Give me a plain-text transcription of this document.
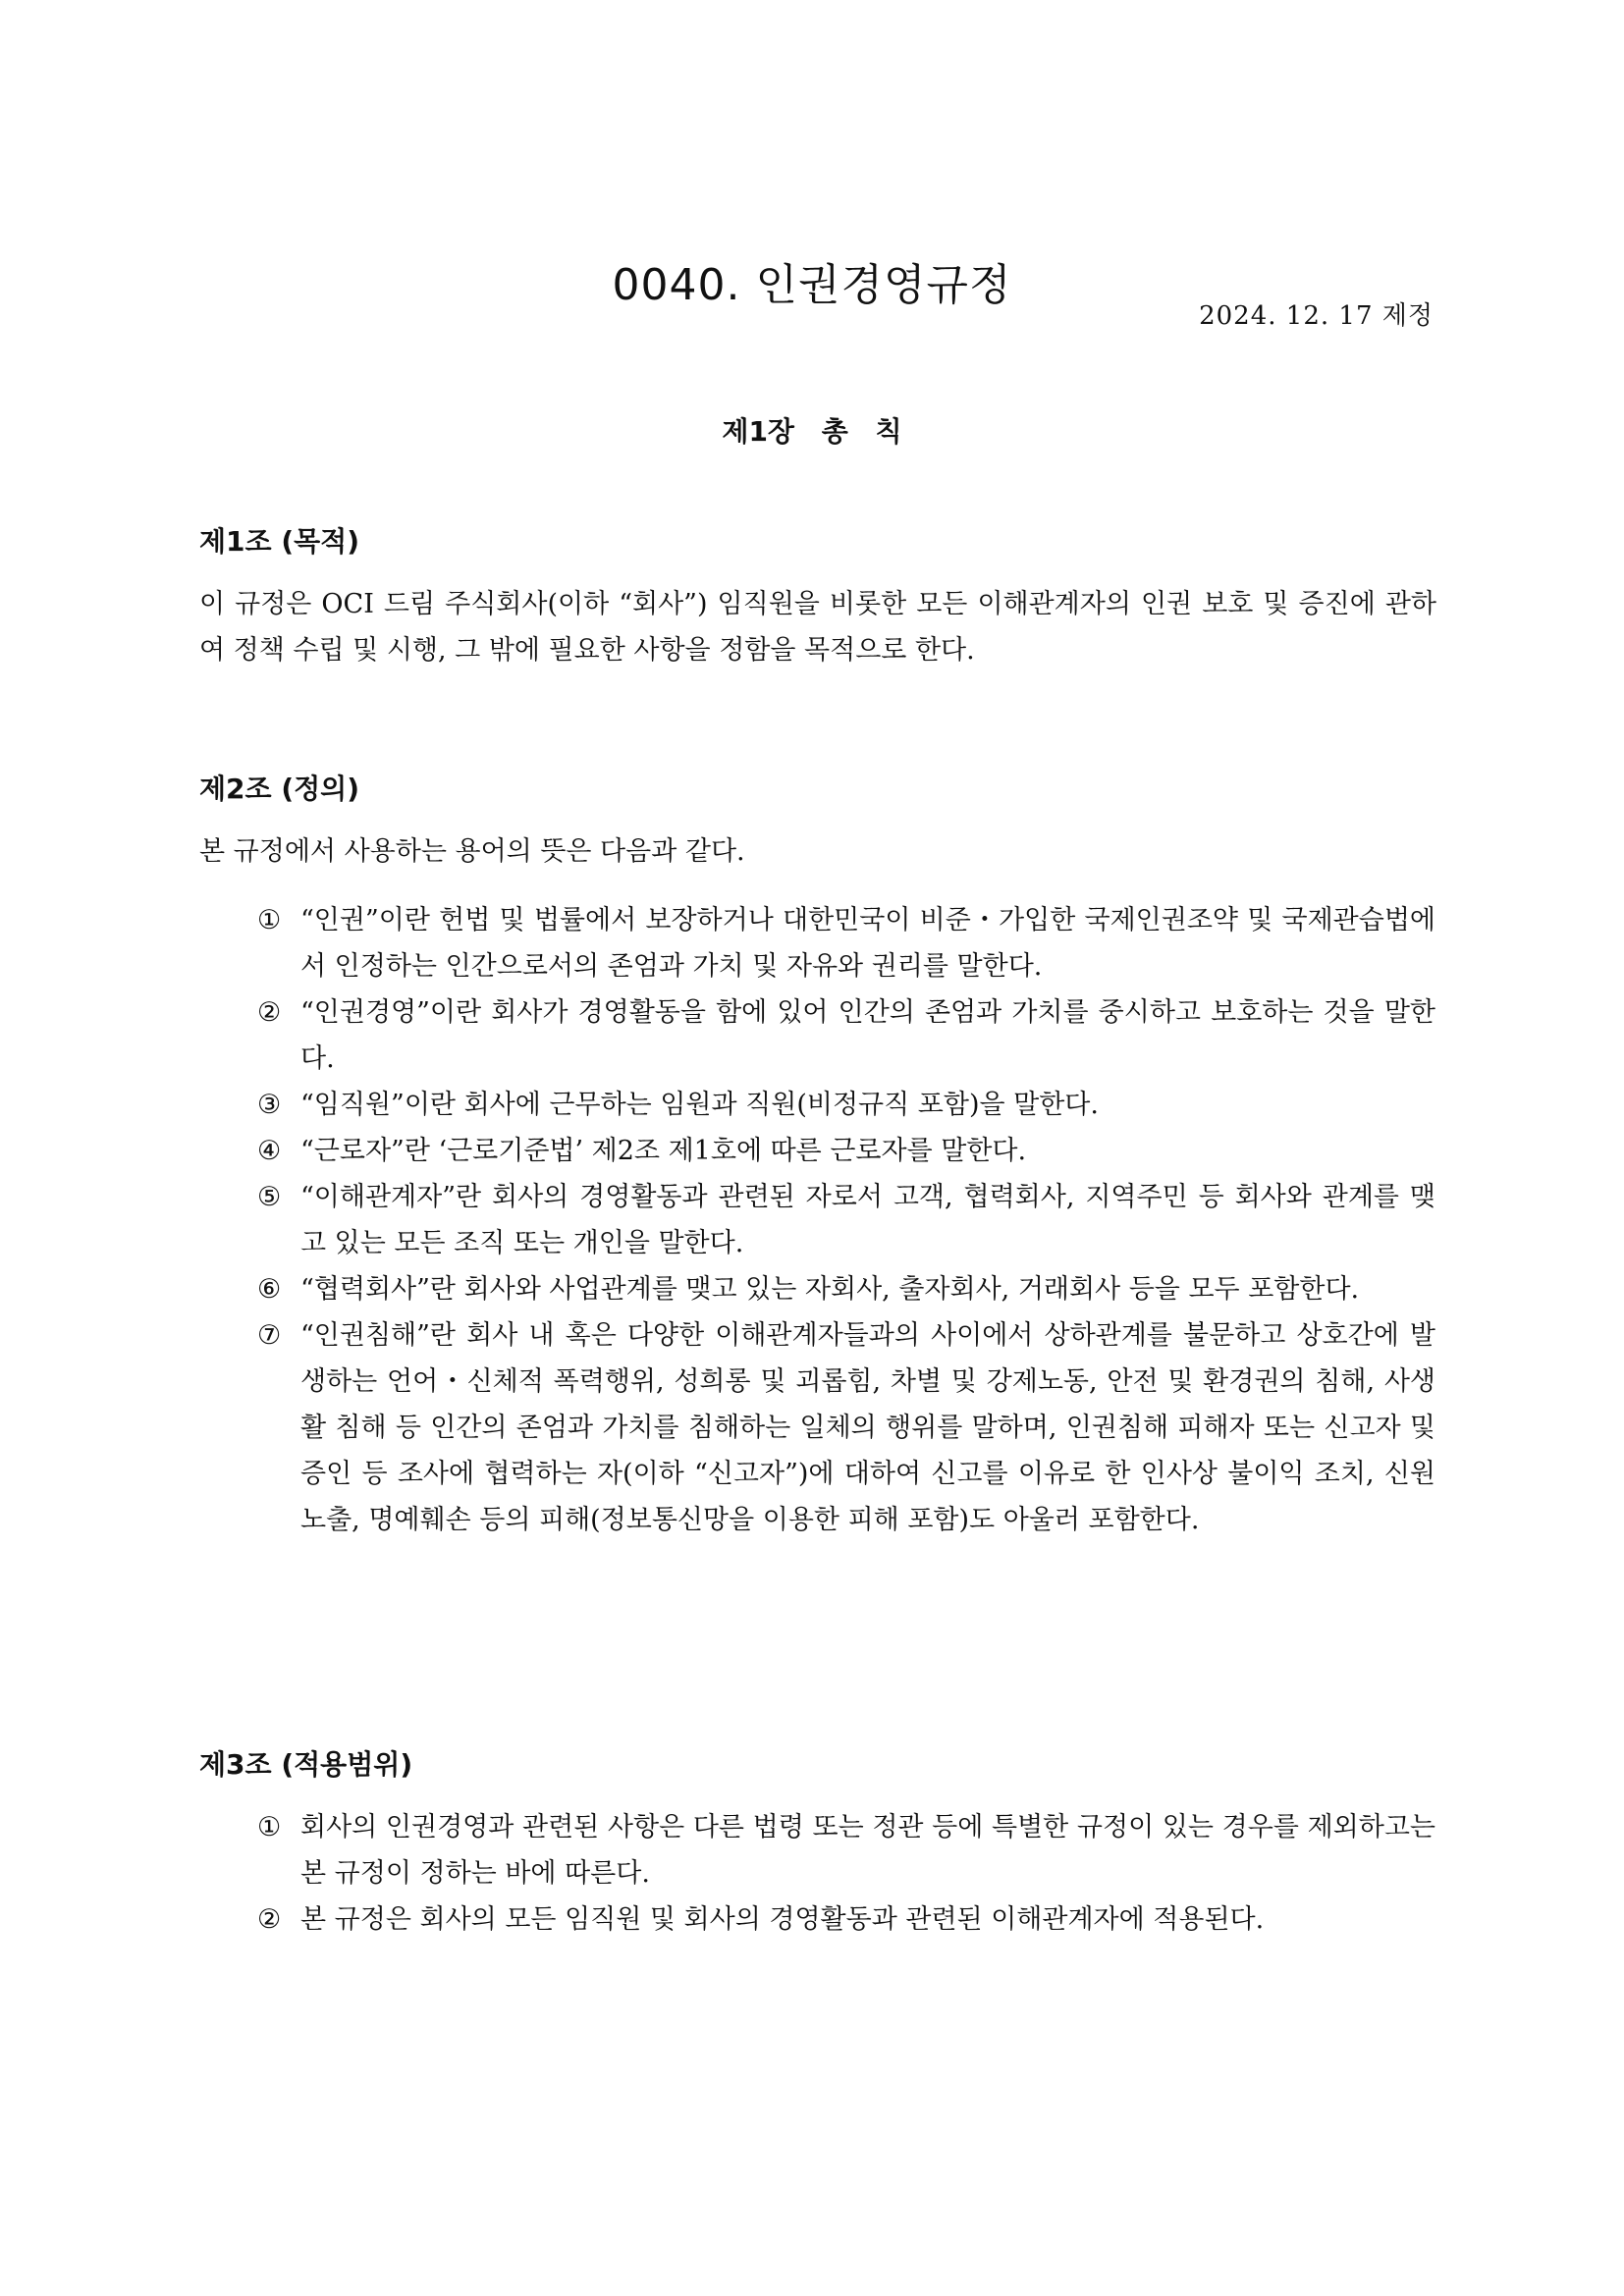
0040. 인권경영규정
2024. 12. 17 제정
제1장 총 칙
제1조 (목적)

이 규정은 OCI 드림 주식회사(이하 “회사”) 임직원을 비롯한 모든 이해관계자의 인권 보호 및 증진에 관하여 정책 수립 및 시행, 그 밖에 필요한 사항을 정함을 목적으로 한다.

제2조 (정의)

본 규정에서 사용하는 용어의 뜻은 다음과 같다.

① “인권”이란 헌법 및 법률에서 보장하거나 대한민국이 비준・가입한 국제인권조약 및 국제관습법에서 인정하는 인간으로서의 존엄과 가치 및 자유와 권리를 말한다.
② “인권경영”이란 회사가 경영활동을 함에 있어 인간의 존엄과 가치를 중시하고 보호하는 것을 말한다.
③ “임직원”이란 회사에 근무하는 임원과 직원(비정규직 포함)을 말한다.
④ “근로자”란 ‘근로기준법’ 제2조 제1호에 따른 근로자를 말한다.
⑤ “이해관계자”란 회사의 경영활동과 관련된 자로서 고객, 협력회사, 지역주민 등 회사와 관계를 맺고 있는 모든 조직 또는 개인을 말한다.
⑥ “협력회사”란 회사와 사업관계를 맺고 있는 자회사, 출자회사, 거래회사 등을 모두 포함한다.
⑦ “인권침해”란 회사 내 혹은 다양한 이해관계자들과의 사이에서 상하관계를 불문하고 상호간에 발생하는 언어・신체적 폭력행위, 성희롱 및 괴롭힘, 차별 및 강제노동, 안전 및 환경권의 침해, 사생활 침해 등 인간의 존엄과 가치를 침해하는 일체의 행위를 말하며, 인권침해 피해자 또는 신고자 및 증인 등 조사에 협력하는 자(이하 “신고자”)에 대하여 신고를 이유로 한 인사상 불이익 조치, 신원노출, 명예훼손 등의 피해(정보통신망을 이용한 피해 포함)도 아울러 포함한다.
제3조 (적용범위)
① 회사의 인권경영과 관련된 사항은 다른 법령 또는 정관 등에 특별한 규정이 있는 경우를 제외하고는 본 규정이 정하는 바에 따른다.
② 본 규정은 회사의 모든 임직원 및 회사의 경영활동과 관련된 이해관계자에 적용된다.
